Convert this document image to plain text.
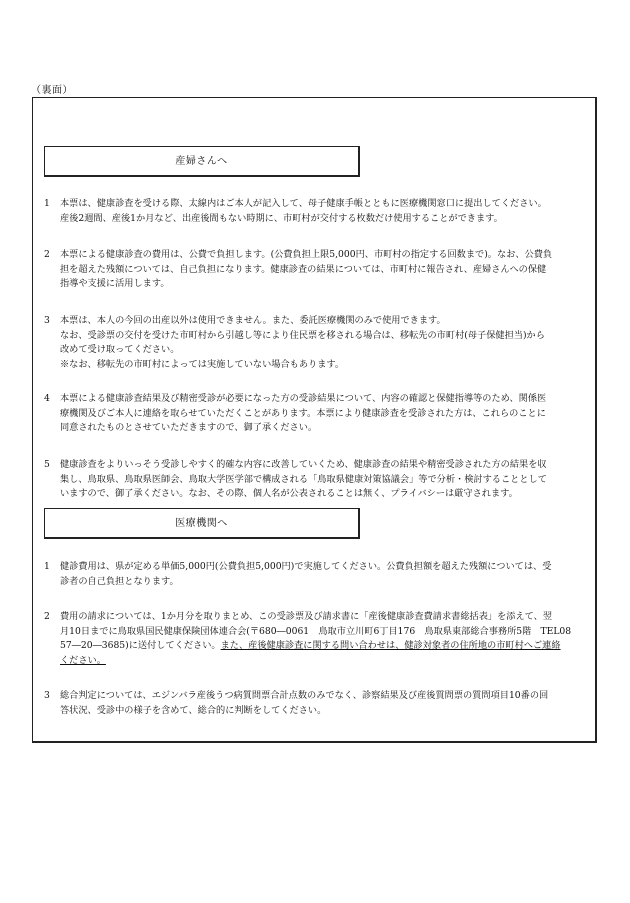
（裏面）
産婦さんへ
1	本票は、健康診査を受ける際、太線内はご本人が記入して、母子健康手帳とともに医療機関窓口に提出してください。
産後2週間、産後1か月など、出産後間もない時期に、市町村が交付する枚数だけ使用することができます。
2	本票による健康診査の費用は、公費で負担します。(公費負担上限5,000円、市町村の指定する回数まで)。なお、公費負
担を超えた残額については、自己負担になります。健康診査の結果については、市町村に報告され、産婦さんへの保健
指導や支援に活用します。
3	本票は、本人の今回の出産以外は使用できません。また、委託医療機関のみで使用できます。
なお、受診票の交付を受けた市町村から引越し等により住民票を移される場合は、移転先の市町村(母子保健担当)から
改めて受け取ってください。
※なお、移転先の市町村によっては実施していない場合もあります。
4	本票による健康診査結果及び精密受診が必要になった方の受診結果について、内容の確認と保健指導等のため、関係医
療機関及びご本人に連絡を取らせていただくことがあります。本票により健康診査を受診された方は、これらのことに
同意されたものとさせていただきますので、御了承ください。
5	健康診査をよりいっそう受診しやすく的確な内容に改善していくため、健康診査の結果や精密受診された方の結果を収
集し、鳥取県、鳥取県医師会、鳥取大学医学部で構成される「鳥取県健康対策協議会」等で分析・検討することとして
いますので、御了承ください。なお、その際、個人名が公表されることは無く、プライバシーは厳守されます。
医療機関へ
1	健診費用は、県が定める単価5,000円(公費負担5,000円)で実施してください。公費負担額を超えた残額については、受
診者の自己負担となります。
2	費用の請求については、1か月分を取りまとめ、この受診票及び請求書に「産後健康診査費請求書総括表」を添えて、翌
月10日までに鳥取県国民健康保険団体連合会(〒680―0061　鳥取市立川町6丁目176　鳥取県東部総合事務所5階　TEL08
57―20―3685)に送付してください。また、産後健康診査に関する問い合わせは、健診対象者の住所地の市町村へご連絡
ください。
3	総合判定については、エジンバラ産後うつ病質問票合計点数のみでなく、診察結果及び産後質問票の質問項目10番の回
答状況、受診中の様子を含めて、総合的に判断をしてください。
